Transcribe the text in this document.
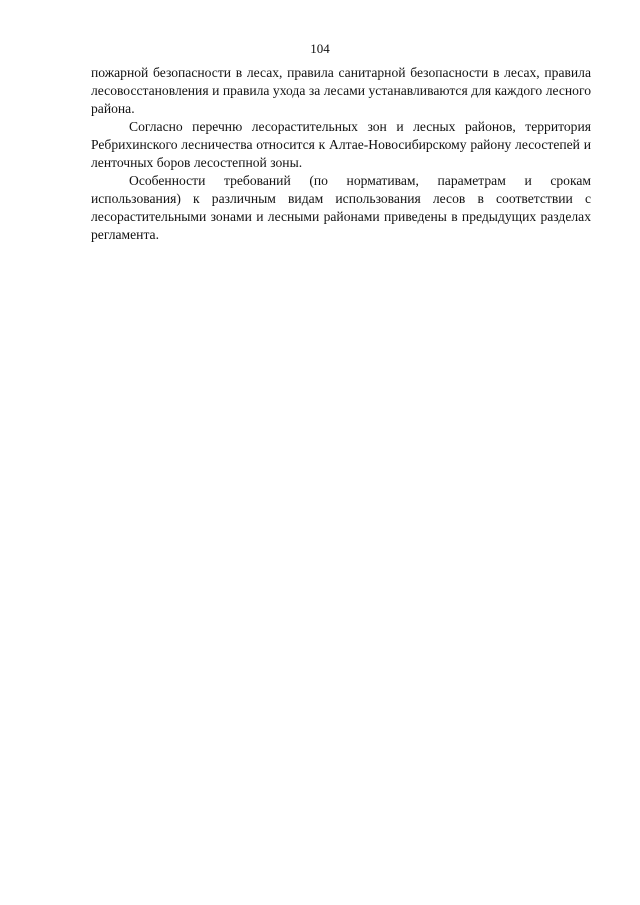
104

пожарной безопасности в лесах, правила санитарной безопасности в лесах, правила лесовосстановления и правила ухода за лесами устанавливаются для каждого лесного района.

Согласно перечню лесорастительных зон и лесных районов, территория Ребрихинского лесничества относится к Алтае-Новосибирскому району лесостепей и ленточных боров лесостепной зоны.

Особенности требований (по нормативам, параметрам и срокам использования) к различным видам использования лесов в соответствии с лесорастительными зонами и лесными районами приведены в предыдущих разделах регламента.
